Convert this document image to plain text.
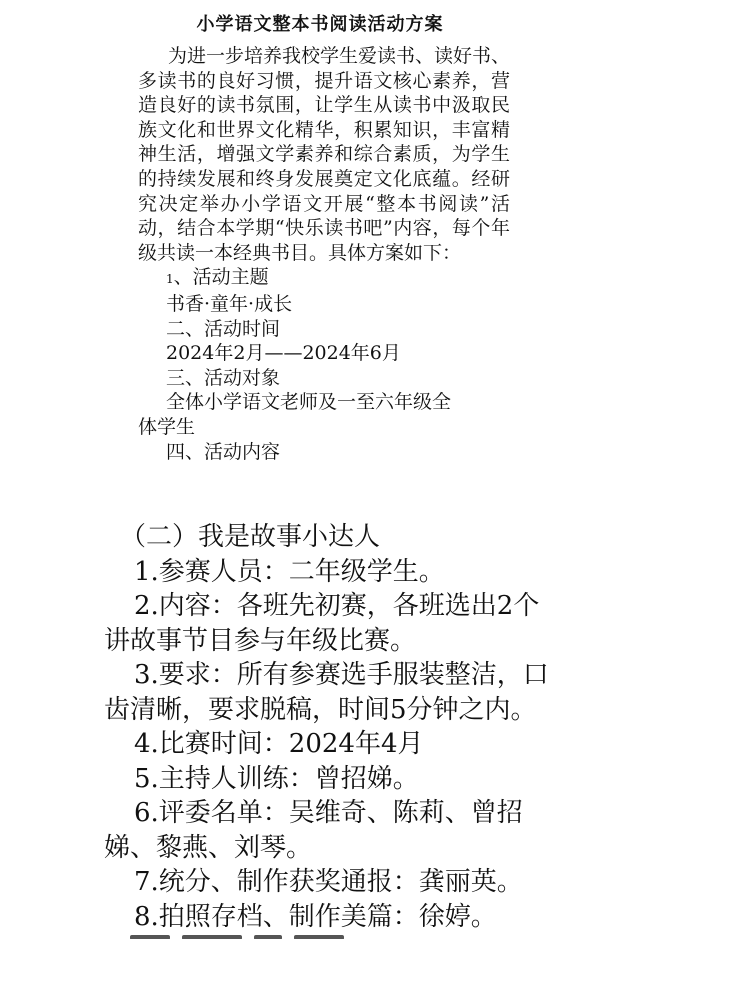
小学语文整本书阅读活动方案

为进一步培养我校学生爱读书、读好书、多读书的良好习惯，提升语文核心素养，营造良好的读书氛围，让学生从读书中汲取民族文化和世界文化精华，积累知识，丰富精神生活，增强文学素养和综合素质，为学生的持续发展和终身发展奠定文化底蕴。经研究决定举办小学语文开展“整本书阅读”活动，结合本学期“快乐读书吧”内容，每个年级共读一本经典书目。具体方案如下：

1、活动主题

书香·童年·成长

二、活动时间

2024年2月——2024年6月

三、活动对象

全体小学语文老师及一至六年级全

体学生

四、活动内容

（二）我是故事小达人

1.参赛人员：二年级学生。

2.内容：各班先初赛，各班选出2个

讲故事节目参与年级比赛。

3.要求：所有参赛选手服装整洁，口

齿清晰，要求脱稿，时间5分钟之内。

4.比赛时间：2024年4月

5.主持人训练：曾招娣。

6.评委名单：吴维奇、陈莉、曾招

娣、黎燕、刘琴。

7.统分、制作获奖通报：龚丽英。

8.拍照存档、制作美篇：徐婷。
